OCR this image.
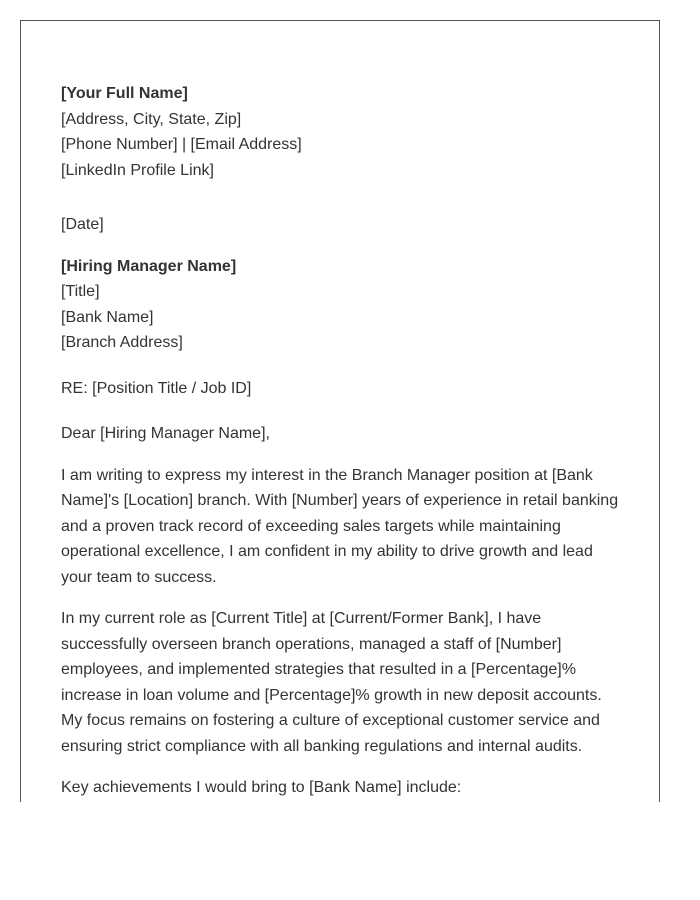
[Your Full Name]
[Address, City, State, Zip]
[Phone Number] | [Email Address]
[LinkedIn Profile Link]
[Date]
[Hiring Manager Name]
[Title]
[Bank Name]
[Branch Address]
RE: [Position Title / Job ID]
Dear [Hiring Manager Name],

I am writing to express my interest in the Branch Manager position at [Bank Name]'s [Location] branch. With [Number] years of experience in retail banking and a proven track record of exceeding sales targets while maintaining operational excellence, I am confident in my ability to drive growth and lead your team to success.

In my current role as [Current Title] at [Current/Former Bank], I have successfully overseen branch operations, managed a staff of [Number] employees, and implemented strategies that resulted in a [Percentage]% increase in loan volume and [Percentage]% growth in new deposit accounts. My focus remains on fostering a culture of exceptional customer service and ensuring strict compliance with all banking regulations and internal audits.

Key achievements I would bring to [Bank Name] include:
